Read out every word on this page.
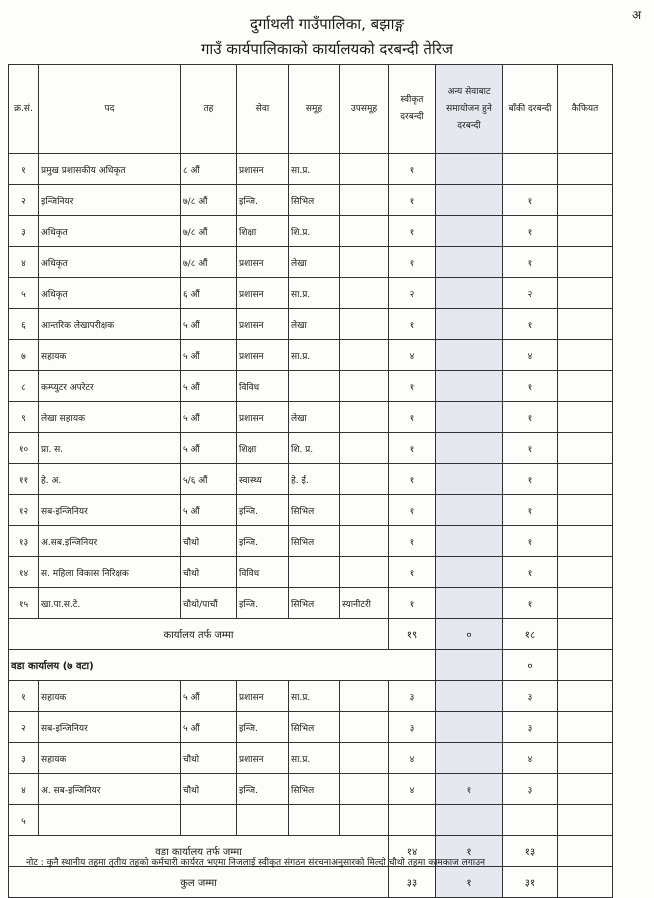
अ
दुर्गाथली गाउँपालिका, बझाङ्ग
गाउँ कार्यपालिकाको कार्यालयको दरबन्दी तेरिज
क्र.सं.	पद	तह	सेवा	समूह	उपसमूह	स्वीकृत दरबन्दी	अन्य सेवाबाट समायोजन हुने दरबन्दी	बाँकी दरबन्दी	कैफियत
१	प्रमुख प्रशासकीय अधिकृत	८ औं	प्रशासन	सा.प्र.		१			
२	इन्जिनियर	७/८ औं	इन्जि.	सिभिल		१		१	
३	अधिकृत	७/८ औं	शिक्षा	शि.प्र.		१		१	
४	अधिकृत	७/८ औं	प्रशासन	लेखा		१		१	
५	अधिकृत	६ औं	प्रशासन	सा.प्र.		२		२	
६	आन्तरिक लेखापरीक्षक	५ औं	प्रशासन	लेखा		१		१	
७	सहायक	५ औं	प्रशासन	सा.प्र.		४		४	
८	कम्प्युटर अपरेटर	५ औं	विविध			१		१	
९	लेखा सहायक	५ औं	प्रशासन	लेखा		१		१	
१०	प्रा. स.	५ औं	शिक्षा	शि. प्र.		१		१	
११	हे. अ.	५/६ औं	स्वास्थ्य	हे. ई.		१		१	
१२	सब-इन्जिनियर	५ औं	इन्जि.	सिभिल		१		१	
१३	अ.सब.इन्जिनियर	चौथो	इन्जि.	सिभिल		१		१	
१४	स. महिला विकास निरिक्षक	चौथो	विविध			१		१	
१५	खा.पा.स.टे.	चौथो/पाचौं	इन्जि.	सिभिल	स्यानीटरी	१		१	
कार्यालय तर्फ जम्मा						१९	०	१८	
वडा कार्यालय (७ वटा)								०	
१	सहायक	५ औं	प्रशासन	सा.प्र.		३		३	
२	सब-इन्जिनियर	५ औं	इन्जि.	सिभिल		३		३	
३	सहायक	चौथो	प्रशासन	सा.प्र.		४		४	
४	अ. सब-इन्जिनियर	चौथो	इन्जि.	सिभिल		४	१	३	
५									
वडा कार्यालय तर्फ जम्मा						१४	१	१३	
कुल जम्मा						३३	१	३१	
नोट : कुनै स्थानीय तहमा तृतीय तहको कर्मचारी कार्यरत भएमा निजलाई स्वीकृत संगठन संरचनाअनुसारको मिल्दो चौथो तहमा कामकाज लगाउन
